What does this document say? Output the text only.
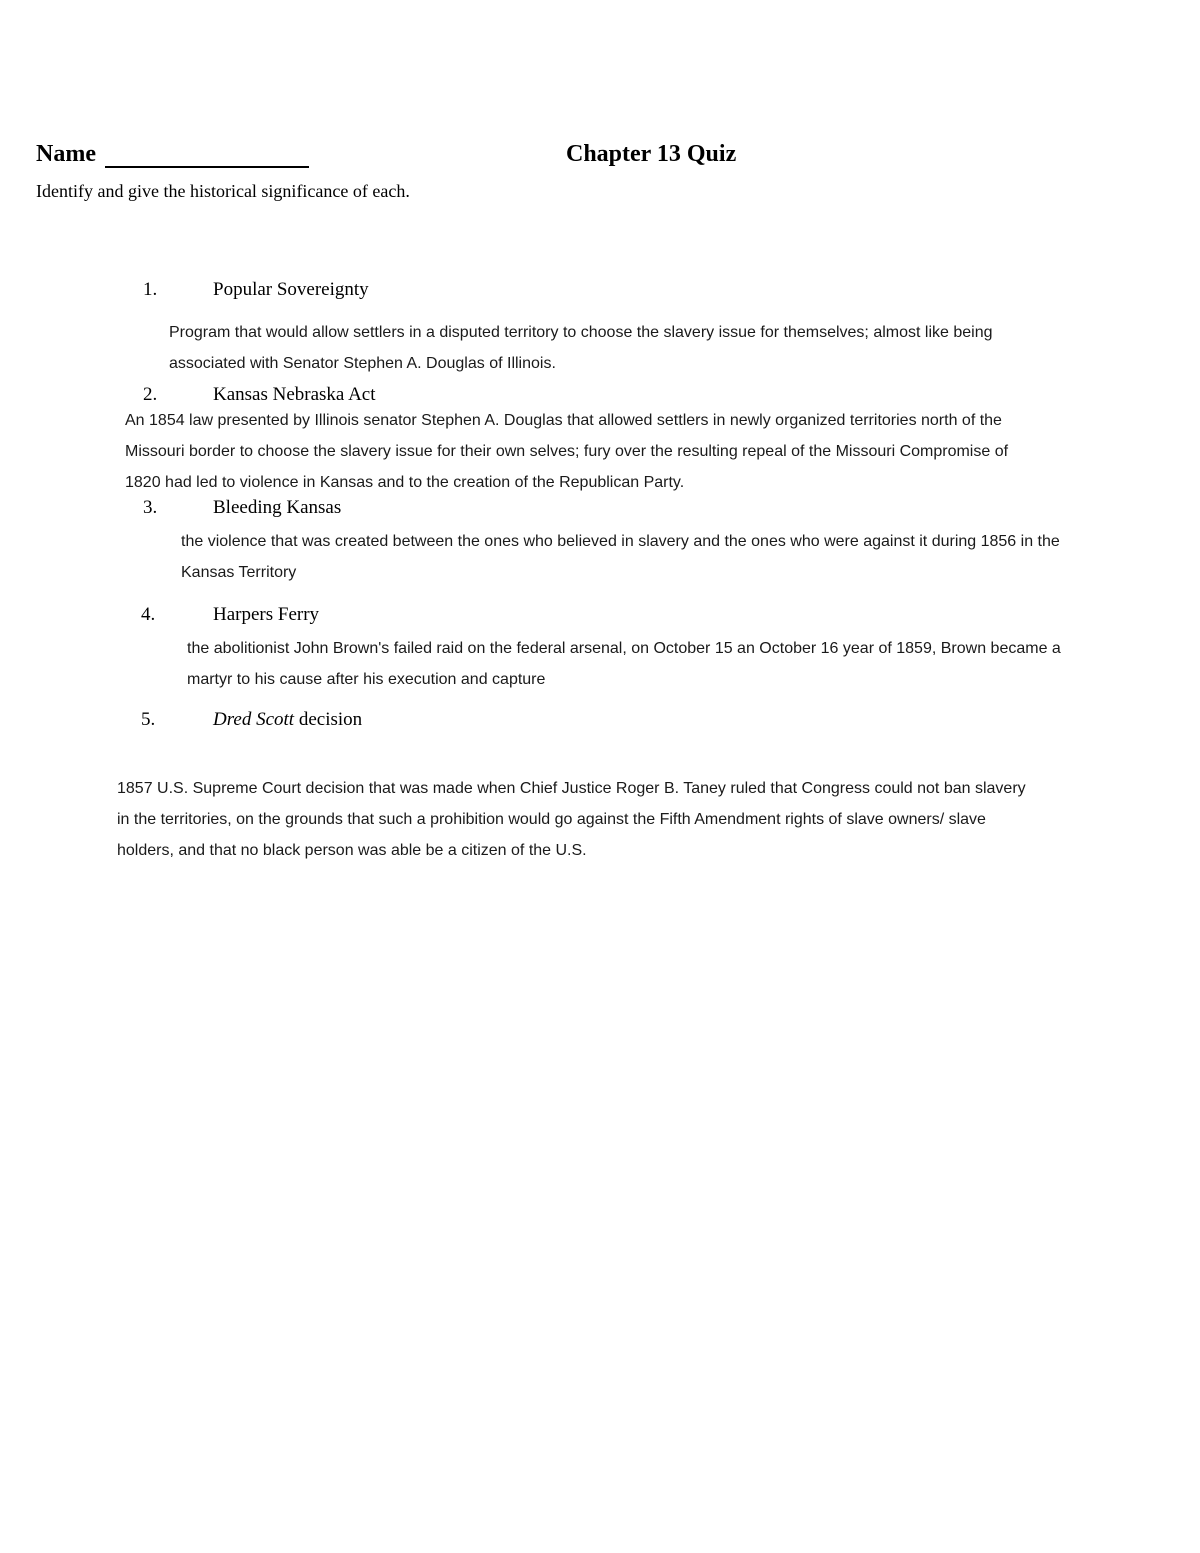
Name	Chapter 13 Quiz
Identify and give the historical significance of each.
1.	Popular Sovereignty
Program that would allow settlers in a disputed territory to choose the slavery issue for themselves; almost like being
associated with Senator Stephen A. Douglas of Illinois.
2.	Kansas Nebraska Act
An 1854 law presented by Illinois senator Stephen A. Douglas that allowed settlers in newly organized territories north of the
Missouri border to choose the slavery issue for their own selves; fury over the resulting repeal of the Missouri Compromise of
1820 had led to violence in Kansas and to the creation of the Republican Party.
3.	Bleeding Kansas
the violence that was created between the ones who believed in slavery and the ones who were against it during 1856 in the
Kansas Territory
4.	Harpers Ferry
the abolitionist John Brown's failed raid on the federal arsenal, on October 15 an October 16 year of 1859, Brown became a
martyr to his cause after his execution and capture
5.	Dred Scott decision
1857 U.S. Supreme Court decision that was made when Chief Justice Roger B. Taney ruled that Congress could not ban slavery
in the territories, on the grounds that such a prohibition would go against the Fifth Amendment rights of slave owners/ slave
holders, and that no black person was able be a citizen of the U.S.
